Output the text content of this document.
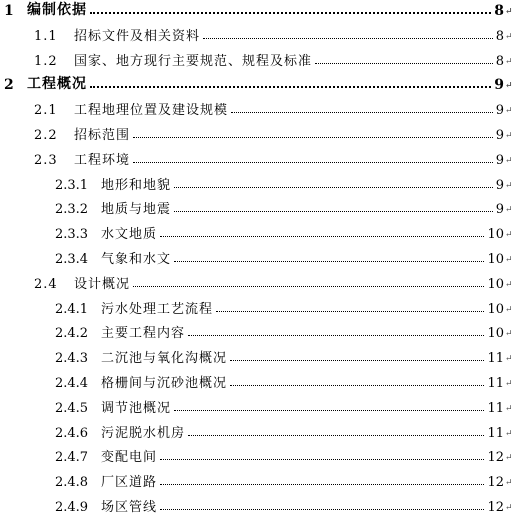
1 编制依据	8 ↵
1.1	招标文件及相关资料	8 ↵
1.2	国家、地方现行主要规范、规程及标准	8 ↵
2 工程概况	9 ↵
2.1	工程地理位置及建设规模	9 ↵
2.2	招标范围	9 ↵
2.3	工程环境	9 ↵
2.3.1 地形和地貌	9 ↵
2.3.2 地质与地震	9 ↵
2.3.3 水文地质	10 ↵
2.3.4 气象和水文	10 ↵
2.4	设计概况	10 ↵
2.4.1 污水处理工艺流程	10 ↵
2.4.2 主要工程内容	10 ↵
2.4.3 二沉池与氧化沟概况	11 ↵
2.4.4 格栅间与沉砂池概况	11 ↵
2.4.5 调节池概况	11 ↵
2.4.6 污泥脱水机房	11 ↵
2.4.7 变配电间	12 ↵
2.4.8 厂区道路	12 ↵
2.4.9 场区管线	12 ↵
